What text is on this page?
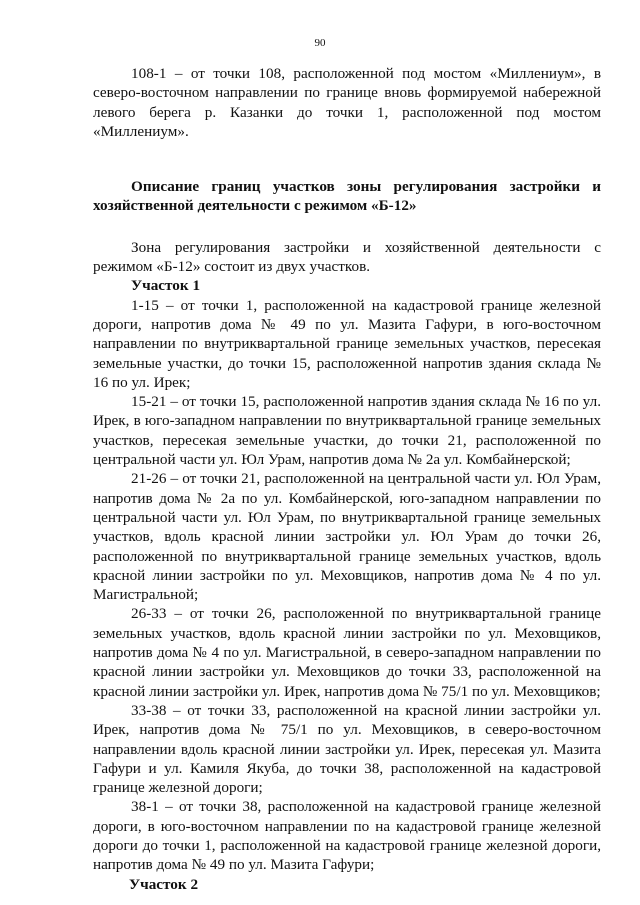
90

108-1 – от точки 108, расположенной под мостом «Миллениум», в северо-восточном направлении по границе вновь формируемой набережной левого берега р. Казанки до точки 1, расположенной под мостом «Миллениум».

Описание границ участков зоны регулирования застройки и хозяйственной деятельности с режимом «Б-12»

Зона регулирования застройки и хозяйственной деятельности с режимом «Б-12» состоит из двух участков.

Участок 1

1-15 – от точки 1, расположенной на кадастровой границе железной дороги, напротив дома № 49 по ул. Мазита Гафури, в юго-восточном направлении по внутриквартальной границе земельных участков, пересекая земельные участки, до точки 15, расположенной напротив здания склада № 16 по ул. Ирек;

15-21 – от точки 15, расположенной напротив здания склада № 16 по ул. Ирек, в юго-западном направлении по внутриквартальной границе земельных участков, пересекая земельные участки, до точки 21, расположенной по центральной части ул. Юл Урам, напротив дома № 2а ул. Комбайнерской;

21-26 – от точки 21, расположенной на центральной части ул. Юл Урам, напротив дома № 2а по ул. Комбайнерской, юго-западном направлении по центральной части ул. Юл Урам, по внутриквартальной границе земельных участков, вдоль красной линии застройки ул. Юл Урам до точки 26, расположенной по внутриквартальной границе земельных участков, вдоль красной линии застройки по ул. Меховщиков, напротив дома № 4 по ул. Магистральной;

26-33 – от точки 26, расположенной по внутриквартальной границе земельных участков, вдоль красной линии застройки по ул. Меховщиков, напротив дома № 4 по ул. Магистральной, в северо-западном направлении по красной линии застройки ул. Меховщиков до точки 33, расположенной на красной линии застройки ул. Ирек, напротив дома № 75/1 по ул. Меховщиков;

33-38 – от точки 33, расположенной на красной линии застройки ул. Ирек, напротив дома № 75/1 по ул. Меховщиков, в северо-восточном направлении вдоль красной линии застройки ул. Ирек, пересекая ул. Мазита Гафури и ул. Камиля Якуба, до точки 38, расположенной на кадастровой границе железной дороги;

38-1 – от точки 38, расположенной на кадастровой границе железной дороги, в юго-восточном направлении по на кадастровой границе железной дороги до точки 1, расположенной на кадастровой границе железной дороги, напротив дома № 49 по ул. Мазита Гафури;

Участок 2
